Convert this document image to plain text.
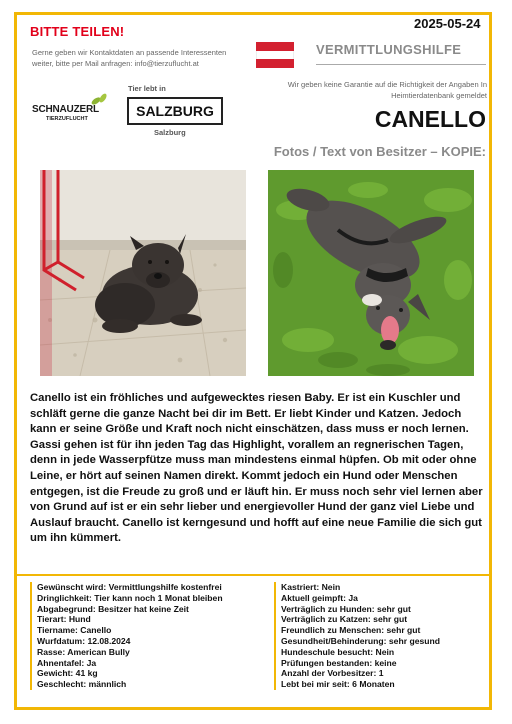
BITTE TEILEN!
2025-05-24
Gerne geben wir Kontaktdaten an passende Interessenten weiter, bitte per Mail anfragen: info@tierzuflucht.at
VERMITTLUNGSHILFE
Wir geben keine Garantie auf die Richtigkeit der Angaben In Heimtierdatenbank gemeldet
SCHNAUZERL
TIERZUFLUCHT
Tier lebt in
SALZBURG
Salzburg
CANELLO
Fotos / Text von Besitzer – KOPIE:
Canello ist ein fröhliches und aufgewecktes riesen Baby. Er ist ein Kuschler und schläft gerne die ganze Nacht bei dir im Bett. Er liebt Kinder und Katzen. Jedoch kann er seine Größe und Kraft noch nicht einschätzen, dass muss er noch lernen. Gassi gehen ist für ihn jeden Tag das Highlight, vorallem an regnerischen Tagen, denn in jede Wasserpfütze muss man mindestens einmal hüpfen. Ob mit oder ohne Leine, er hört auf seinen Namen direkt. Kommt jedoch ein Hund oder Menschen entgegen, ist die Freude zu groß und er läuft hin. Er muss noch sehr viel lernen aber von Grund auf ist er ein sehr lieber und energievoller Hund der ganz viel Liebe und Auslauf braucht. Canello ist kerngesund und hofft auf eine neue Familie die sich gut um ihn kümmert.
Gewünscht wird: Vermittlungshilfe kostenfrei
Dringlichkeit: Tier kann noch 1 Monat bleiben
Abgabegrund: Besitzer hat keine Zeit
Tierart: Hund
Tiername: Canello
Wurfdatum: 12.08.2024
Rasse: American Bully
Ahnentafel: Ja
Gewicht: 41 kg
Geschlecht: männlich
Kastriert: Nein
Aktuell geimpft: Ja
Verträglich zu Hunden: sehr gut
Verträglich zu Katzen: sehr gut
Freundlich zu Menschen: sehr gut
Gesundheit/Behinderung: sehr gesund
Hundeschule besucht: Nein
Prüfungen bestanden: keine
Anzahl der Vorbesitzer: 1
Lebt bei mir seit: 6 Monaten
